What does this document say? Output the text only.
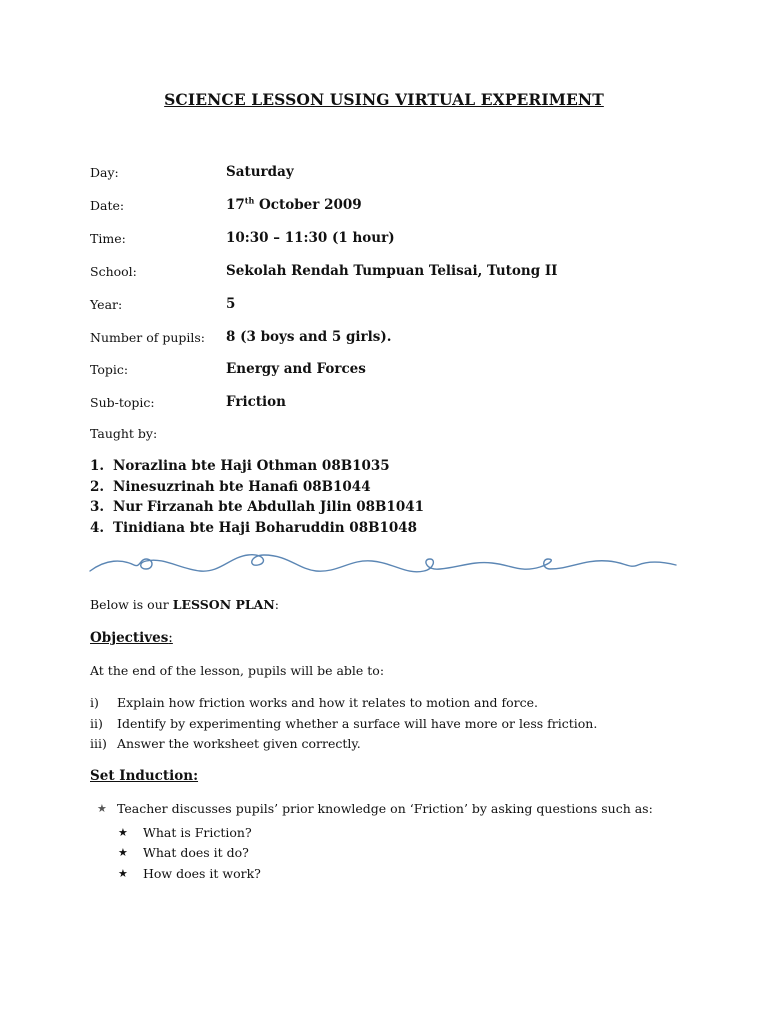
SCIENCE LESSON USING VIRTUAL EXPERIMENT
Day:	Saturday
Date:	17th October 2009
Time:	10:30 – 11:30 (1 hour)
School:	Sekolah Rendah Tumpuan Telisai, Tutong II
Year:	5
Number of pupils:	8 (3 boys and 5 girls).
Topic:	Energy and Forces
Sub-topic:	Friction
Taught by:
1. Norazlina bte Haji Othman 08B1035
2. Ninesuzrinah bte Hanafi 08B1044
3. Nur Firzanah bte Abdullah Jilin 08B1041
4. Tinidiana bte Haji Boharuddin 08B1048
Below is our LESSON PLAN:
Objectives:
At the end of the lesson, pupils will be able to:
i)	Explain how friction works and how it relates to motion and force.
ii)	Identify by experimenting whether a surface will have more or less friction.
iii) Answer the worksheet given correctly.
Set Induction:
★ Teacher discusses pupils’ prior knowledge on ‘Friction’ by asking questions such as:
★	What is Friction?
★	What does it do?
★	How does it work?
